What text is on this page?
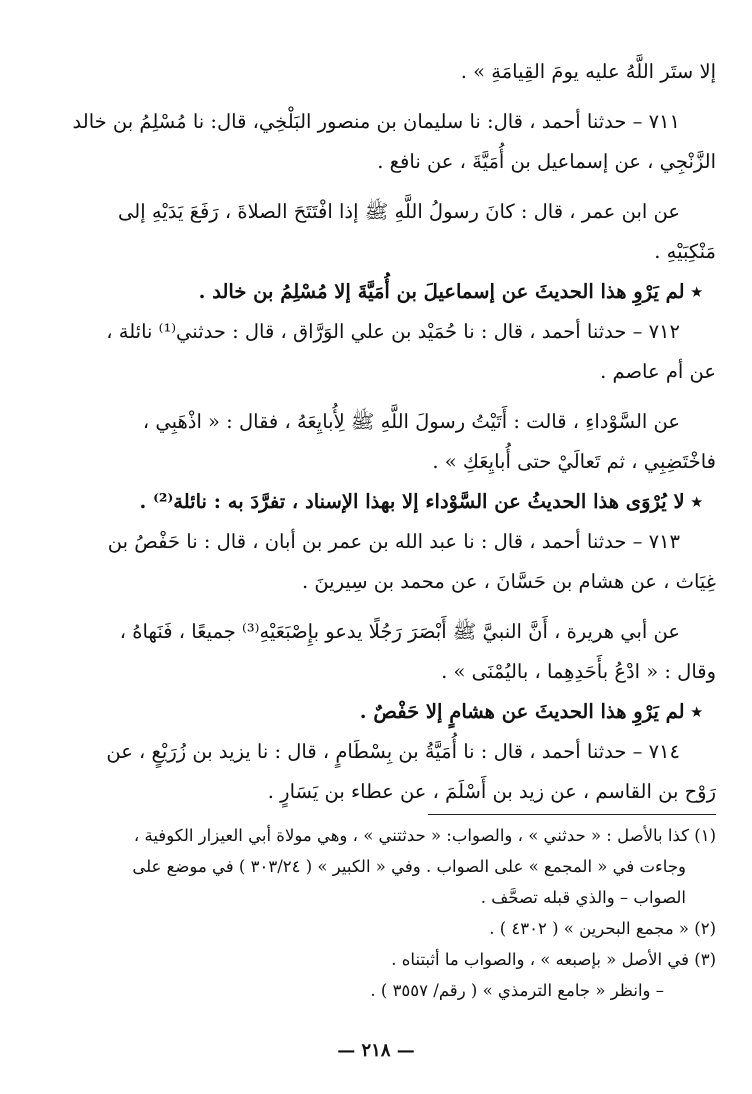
إلا ستَر اللَّهُ عليه يومَ القِيامَةِ » .

٧١١ – حدثنا أحمد ، قال: نا سليمان بن منصور البَلْخِي، قال: نا مُسْلِمُ بن خالد

الزَّنْجِي ، عن إسماعيل بن أُمَيَّةَ ، عن نافع .

عن ابن عمر ، قال : كانَ رسولُ اللَّهِ ﷺ إذا افْتَتَحَ الصلاةَ ، رَفَعَ يَدَيْهِ إلى

مَنْكِبَيْهِ .

٭ لم يَرْوِ هذا الحديثَ عن إسماعيلَ بن أُمَيَّةَ إلا مُسْلِمُ بن خالد .

٧١٢ – حدثنا أحمد ، قال : نا حُمَيْد بن علي الوَرَّاق ، قال : حدثني⁽¹⁾ نائلة ،

عن أم عاصم .

عن السَّوْداءِ ، قالت : أَتَيْتُ رسولَ اللَّهِ ﷺ لِأُبايِعَهُ ، فقال : « اذْهَبِي ،

فاخْتَضِبِي ، ثم تَعالَيْ حتى أُبايِعَكِ » .

٭ لا يُرْوَى هذا الحديثُ عن السَّوْداء إلا بهذا الإسناد ، تفرَّدَ به : نائلة⁽²⁾ .

٧١٣ – حدثنا أحمد ، قال : نا عبد الله بن عمر بن أبان ، قال : نا حَفْصُ بن

غِيَاث ، عن هشام بن حَسَّانَ ، عن محمد بن سِيرينَ .

عن أبي هريرة ، أَنَّ النبيَّ ﷺ أَبْصَرَ رَجُلًا يدعو بإِصْبَعَيْهِ⁽³⁾ جميعًا ، فَنَهاهُ ،

وقال : « ادْعُ بأَحَدِهِما ، باليُمْنَى » .

٭ لم يَرْوِ هذا الحديثَ عن هشامٍ إلا حَفْصٌ .

٧١٤ – حدثنا أحمد ، قال : نا أُمَيَّةُ بن بِسْطَامٍ ، قال : نا يزيد بن زُرَيْعٍ ، عن

رَوْح بن القاسم ، عن زيد بن أَسْلَمَ ، عن عطاء بن يَسَارٍ .

(١) كذا بالأصل : « حدثني » ، والصواب: « حدثتني » ، وهي مولاة أبي العيزار الكوفية ،

وجاءت في « المجمع » على الصواب . وفي « الكبير » ( ٣٠٣/٢٤ ) في موضع على

الصواب – والذي قبله تصحَّف .

(٢) « مجمع البحرين » ( ٤٣٠٢ ) .

(٣) في الأصل « بإصبعه » ، والصواب ما أثبتناه .

– وانظر « جامع الترمذي » ( رقم/ ٣٥٥٧ ) .

— ٢١٨ —
